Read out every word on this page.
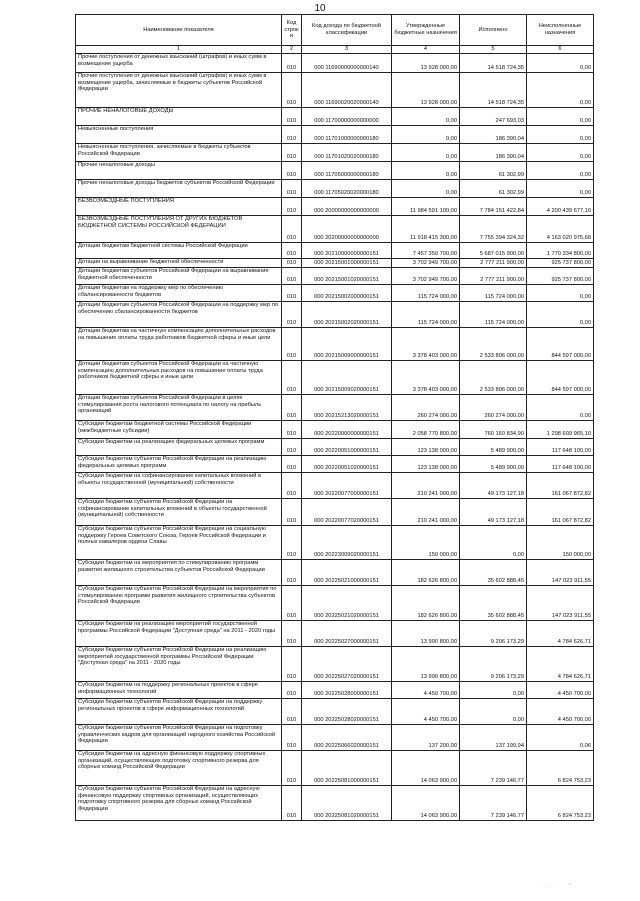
10
Наименование показателя	Код строк и	Код дохода по бюджетной классификации	Утвержденные бюджетные назначения	Исполнено	Неисполненные назначения
1	2	3	4	5	6
Прочие поступления от денежных взысканий (штрафов) и иных сумм в возмещение ущерба	010	000 11690000000000140	13 928 000,00	14 518 724,35	0,00
Прочие поступления от денежных взысканий (штрафов) и иных сумм в возмещение ущерба, зачисляемые в бюджеты субъектов Российской Федерации	010	000 11690020020000140	13 928 000,00	14 518 724,35	0,00
ПРОЧИЕ НЕНАЛОГОВЫЕ ДОХОДЫ	010	000 11700000000000000	0,00	247 693,03	0,00
Невыясненные поступления	010	000 11701000000000180	0,00	186 390,04	0,00
Невыясненные поступления, зачисляемые в бюджеты субъектов Российской Федерации	010	000 11701020020000180	0,00	186 390,04	0,00
Прочие неналоговые доходы	010	000 11705000000000180	0,00	61 302,99	0,00
Прочие неналоговые доходы бюджетов субъектов Российской Федерации	010	000 11705020020000180	0,00	61 302,99	0,00
БЕЗВОЗМЕЗДНЫЕ ПОСТУПЛЕНИЯ	010	000 20000000000000000	11 984 591 100,00	7 784 151 422,84	4 200 439 677,16
БЕЗВОЗМЕЗДНЫЕ ПОСТУПЛЕНИЯ ОТ ДРУГИХ БЮДЖЕТОВ БЮДЖЕТНОЙ СИСТЕМЫ РОССИЙСКОЙ ФЕДЕРАЦИИ	010	000 20200000000000000	11 918 415 300,00	7 755 394 324,32	4 163 020 975,68
Дотации бюджетам бюджетной системы Российской Федерации	010	000 20210000000000151	7 457 350 700,00	5 687 015 900,00	1 770 334 800,00
Дотации на выравнивание бюджетной обеспеченности	010	000 20215001000000151	3 702 949 700,00	2 777 211 900,00	925 737 800,00
Дотации бюджетам субъектов Российской Федерации на выравнивание бюджетной обеспеченности	010	000 20215001020000151	3 702 949 700,00	2 777 211 900,00	925 737 800,00
Дотации бюджетам на поддержку мер по обеспечению сбалансированности бюджетов	010	000 20215002000000151	115 724 000,00	115 724 000,00	0,00
Дотации бюджетам субъектов Российской Федерации на поддержку мер по обеспечению сбалансированности бюджетов	010	000 20215002020000151	115 724 000,00	115 724 000,00	0,00
Дотации бюджетам на частичную компенсацию дополнительных расходов на повышение оплаты труда работников бюджетной сферы и иные цели	010	000 20215009000000151	3 378 403 000,00	2 533 806 000,00	844 597 000,00
Дотации бюджетам субъектов Российской Федерации на частичную компенсацию дополнительных расходов на повышение оплаты труда работников бюджетной сферы и иные цели	010	000 20215009020000151	3 378 403 000,00	2 533 806 000,00	844 597 000,00
Дотации бюджетам субъектов Российской Федерации в целях стимулирования роста налогового потенциала по налогу на прибыль организаций	010	000 20215213020000151	260 274 000,00	260 274 000,00	0,00
Субсидии бюджетам бюджетной системы Российской Федерации (межбюджетные субсидии)	010	000 20220000000000151	2 058 770 800,00	760 160 834,90	1 298 609 965,10
Субсидии бюджетам на реализацию федеральных целевых программ	010	000 20220051000000151	123 138 000,00	5 489 900,00	117 648 100,00
Субсидии бюджетам субъектов Российской Федерации на реализацию федеральных целевых программ	010	000 20220051020000151	123 138 000,00	5 489 900,00	117 648 100,00
Субсидии бюджетам на софинансирование капитальных вложений в объекты государственной (муниципальной) собственности	010	000 20220077000000151	210 241 000,00	49 173 127,18	161 067 872,82
Субсидии бюджетам субъектов Российской Федерации на софинансирование капитальных вложений в объекты государственной (муниципальной) собственности	010	000 20220077020000151	210 241 000,00	49 173 127,18	161 067 872,82
Субсидии бюджетам субъектов Российской Федерации на социальную поддержку Героев Советского Союза, Героев Российской Федерации и полных кавалеров ордена Славы	010	000 20223009020000151	150 000,00	0,00	150 000,00
Субсидии бюджетам на мероприятия по стимулированию программ развития жилищного строительства субъектов Российской Федерации	010	000 20225021000000151	182 626 800,00	35 602 888,45	147 023 911,55
Субсидии бюджетам субъектов Российской Федерации на мероприятия по стимулированию программ развития жилищного строительства субъектов Российской Федерации	010	000 20225021020000151	182 626 800,00	35 602 888,45	147 023 911,55
Субсидии бюджетам на реализацию мероприятий государственной программы Российской Федерации "Доступная среда" на 2011 - 2020 годы	010	000 20225027000000151	13 990 800,00	9 206 173,29	4 784 626,71
Субсидии бюджетам субъектов Российской Федерации на реализацию мероприятий государственной программы Российской Федерации "Доступная среда" на 2011 - 2020 годы	010	000 20225027020000151	13 990 800,00	9 206 173,29	4 784 626,71
Субсидии бюджетам на поддержку региональных проектов в сфере информационных технологий	010	000 20225028000000151	4 450 700,00	0,00	4 450 700,00
Субсидии бюджетам субъектов Российской Федерации на поддержку региональных проектов в сфере информационных технологий	010	000 20225028020000151	4 450 700,00	0,00	4 450 700,00
Субсидии бюджетам субъектов Российской Федерации на подготовку управленческих кадров для организаций народного хозяйства Российской Федерации	010	000 20225066020000151	137 200,00	137 199,94	0,06
Субсидии бюджетам на адресную финансовую поддержку спортивных организаций, осуществляющих подготовку спортивного резерва для сборных команд Российской Федерации	010	000 20225081000000151	14 063 900,00	7 239 146,77	6 824 753,23
Субсидии бюджетам субъектов Российской Федерации на адресную финансовую поддержку спортивных организаций, осуществляющих подготовку спортивного резерва для сборных команд Российской Федерации	010	000 20225081020000151	14 063 900,00	7 239 146,77	6 824 753,23
. . . .     °
